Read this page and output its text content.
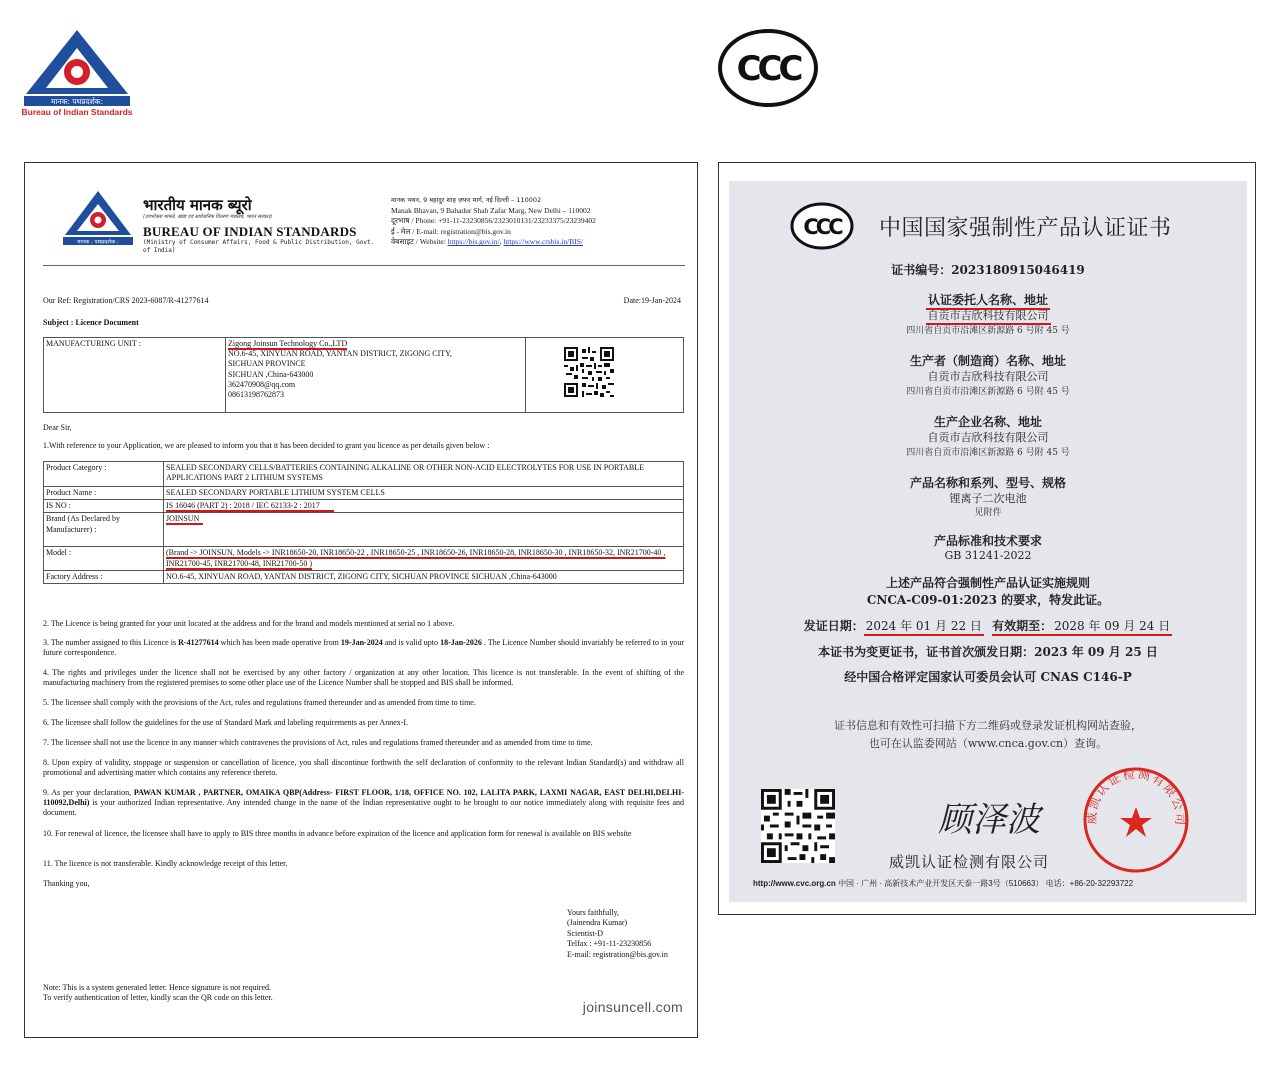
मानक: पथप्रदर्शक:
Bureau of Indian Standards
CCC
मानक : पथप्रदर्शक :
भारतीय मानक ब्यूरो
(उपभोक्ता मामले, खाद्य एवं सार्वजनिक वितरण मंत्रालय, भारत सरकार)
BUREAU OF INDIAN STANDARDS
(Ministry of Consumer Affairs, Food & Public Distribution, Govt. of India)
मानक भवन, 9 बहादुर शाह ज़फर मार्ग, नई दिल्ली – 110002
Manak Bhavan, 9 Bahadur Shah Zafar Marg, New Delhi – 110002
दूरभाष / Phone: +91-11-23230856/2323010131/23233375/23239402
ई - मेल / E-mail: registration@bis.gov.in
वेबसाइट / Website: https://bis.gov.in/, https://www.crsbis.in/BIS/
Our Ref: Registration/CRS 2023-6087/R-41277614	Date:19-Jan-2024
Subject : Licence Document
MANUFACTURING UNIT :	Zigong Joinsun Technology Co.,LTD
NO.6-45, XINYUAN ROAD, YANTAN DISTRICT, ZIGONG CITY,
SICHUAN PROVINCE
SICHUAN ,China-643000
362470908@qq.com
08613198762873

Dear Sir,
1.With reference to your Application, we are pleased to inform you that it has been decided to grant you licence as per details given below :
Product Category :	SEALED SECONDARY CELLS/BATTERIES CONTAINING ALKALINE OR OTHER NON-ACID ELECTROLYTES FOR USE IN PORTABLE APPLICATIONS PART 2 LITHIUM SYSTEMS
Product Name :	SEALED SECONDARY PORTABLE LITHIUM SYSTEM CELLS
IS NO :	IS 16046 (PART 2) : 2018 / IEC 62133-2 : 2017
Brand (As Declared by Manufacturer) :	JOINSUN
Model :	(Brand -> JOINSUN, Models -> INR18650-20, INR18650-22 , INR18650-25 , INR18650-26, INR18650-28, INR18650-30 , INR18650-32, INR21700-40 , INR21700-45, INR21700-48, INR21700-50 )
Factory Address :	NO.6-45, XINYUAN ROAD, YANTAN DISTRICT, ZIGONG CITY, SICHUAN PROVINCE SICHUAN ,China-643000
2. The Licence is being granted for your unit located at the address and for the brand and models mentioned at serial no 1 above.
3. The number assigned to this Licence is R-41277614 which has been made operative from 19-Jan-2024 and is valid upto 18-Jan-2026 . The Licence Number should invariably be referred to in your future correspondence.
4. The rights and privileges under the licence shall not be exercised by any other factory / organization at any other location. This licence is not transferable. In the event of shifting of the manufacturing machinery from the registered premises to some other place use of the Licence Number shall be stopped and BIS shall be informed.
5. The licensee shall comply with the provisions of the Act, rules and regulations framed thereunder and as amended from time to time.
6. The licensee shall follow the guidelines for the use of Standard Mark and labeling requirements as per Annex-I.
7. The licensee shall not use the licence in any manner which contravenes the provisions of Act, rules and regulations framed thereunder and as amended from time to time.
8. Upon expiry of validity, stoppage or suspension or cancellation of licence, you shall discontinue forthwith the self declaration of conformity to the relevant Indian Standard(s) and withdraw all promotional and advertising matter which contains any reference thereto.
9. As per your declaration, PAWAN KUMAR , PARTNER, OMAIKA QBP(Address- FIRST FLOOR, 1/18, OFFICE NO. 102, LALITA PARK, LAXMI NAGAR, EAST DELHI,DELHI- 110092,Delhi) is your authorized Indian representative. Any intended change in the name of the Indian representative ought to be brought to our notice immediately along with requisite fees and document.
10. For renewal of licence, the licensee shall have to apply to BIS three months in advance before expiration of the licence and application form for renewal is available on BIS website
11. The licence is not transferable. Kindly acknowledge receipt of this letter.
Thanking you,
Yours faithfully,
(Jainendra Kumar)
Scientist-D
Telfax : +91-11-23230856
E-mail: registration@bis.gov.in
Note: This is a system generated letter. Hence signature is not required.
To verify authentication of letter, kindly scan the QR code on this letter.
joinsuncell.com
CCC 中国国家强制性产品认证证书
证书编号：2023180915046419
认证委托人名称、地址
自贡市吉欣科技有限公司
四川省自贡市沿滩区新源路 6 号附 45 号
生产者（制造商）名称、地址
自贡市吉欣科技有限公司
四川省自贡市沿滩区新源路 6 号附 45 号
生产企业名称、地址
自贡市吉欣科技有限公司
四川省自贡市沿滩区新源路 6 号附 45 号
产品名称和系列、型号、规格
锂离子二次电池
见附件
产品标准和技术要求
GB 31241-2022
上述产品符合强制性产品认证实施规则
CNCA-C09-01:2023 的要求，特发此证。
发证日期： 2024 年 01 月 22 日 有效期至： 2028 年 09 月 24 日
本证书为变更证书，证书首次颁发日期：2023 年 09 月 25 日
经中国合格评定国家认可委员会认可 CNAS C146-P
证书信息和有效性可扫描下方二维码或登录发证机构网站查验，
也可在认监委网站（www.cnca.gov.cn）查询。
顾泽波
威凯认证检测有限公司
威凯认证检测有限公司
http://www.cvc.org.cn 中国 · 广州 · 高新技术产业开发区天泰一路3号（510663） 电话：+86-20-32293722
